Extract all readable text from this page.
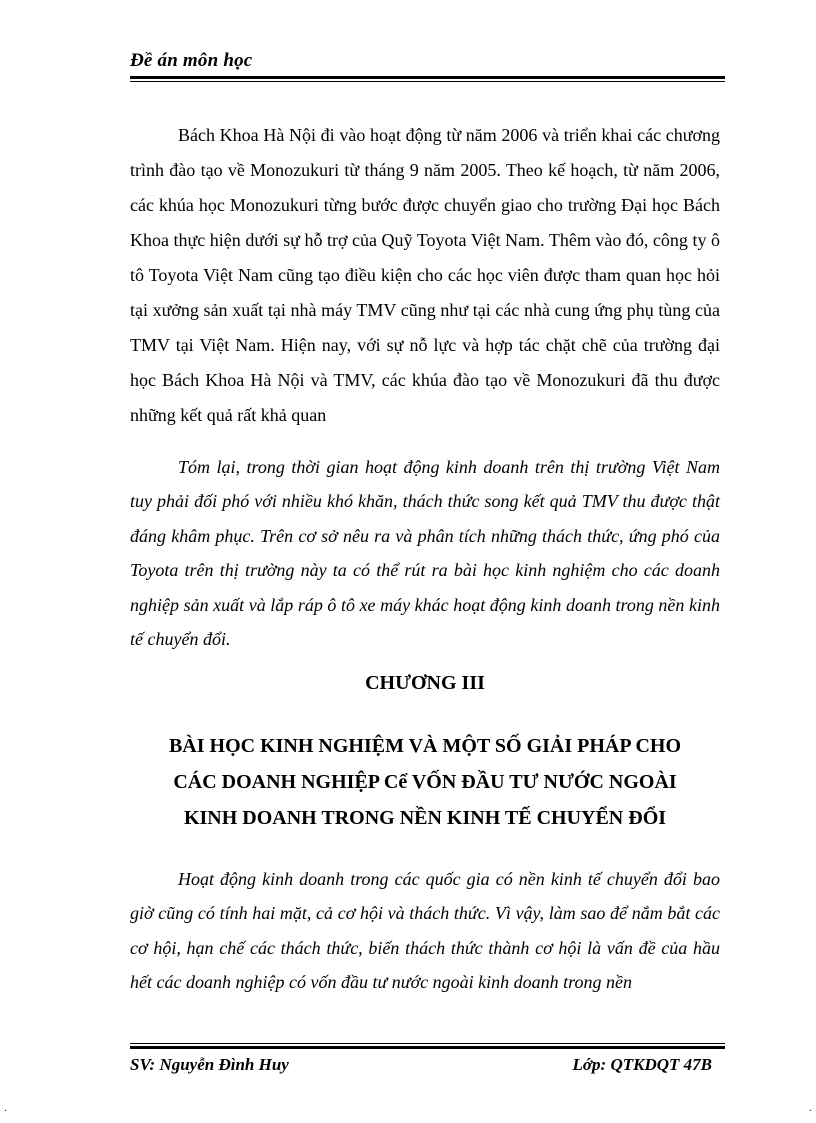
Đề án môn học

Bách Khoa Hà Nội đi vào hoạt động từ năm 2006 và triển khai các chương trình đào tạo về Monozukuri từ tháng 9 năm 2005. Theo kế hoạch, từ năm 2006, các khúa học Monozukuri từng bước được chuyển giao cho trường Đại học Bách Khoa thực hiện dưới sự hỗ trợ của Quỹ Toyota Việt Nam. Thêm vào đó, công ty ô tô Toyota Việt Nam cũng tạo điều kiện cho các học viên được tham quan học hỏi tại xưởng sản xuất tại nhà máy TMV cũng như tại các nhà cung ứng phụ tùng của TMV tại Việt Nam. Hiện nay, với sự nỗ lực và hợp tác chặt chẽ của trường đại học Bách Khoa Hà Nội và TMV, các khúa đào tạo về Monozukuri đã thu được những kết quả rất khả quan

Tóm lại, trong thời gian hoạt động kinh doanh trên thị trường Việt Nam tuy phải đối phó với nhiều khó khăn, thách thức song kết quả TMV thu được thật đáng khâm phục. Trên cơ sở nêu ra và phân tích những thách thức, ứng phó của Toyota trên thị trường này ta có thể rút ra bài học kinh nghiệm cho các doanh nghiệp sản xuất và lắp ráp ô tô xe máy khác hoạt động kinh doanh trong nền kinh tế chuyển đổi.

CHƯƠNG III
BÀI HỌC KINH NGHIỆM VÀ MỘT SỐ GIẢI PHÁP CHO
CÁC DOANH NGHIỆP Cể VỐN ĐẦU TƯ NƯỚC NGOÀI
KINH DOANH TRONG NỀN KINH TẾ CHUYỂN ĐỔI

Hoạt động kinh doanh trong các quốc gia có nền kinh tế chuyển đổi bao giờ cũng có tính hai mặt, cả cơ hội và thách thức. Vì vậy, làm sao để nắm bắt các cơ hội, hạn chế các thách thức, biến thách thức thành cơ hội là vấn đề của hầu hết các doanh nghiệp có vốn đầu tư nước ngoài kinh doanh trong nền

SV: Nguyễn Đình Huy	Lớp: QTKDQT 47B
·	·
